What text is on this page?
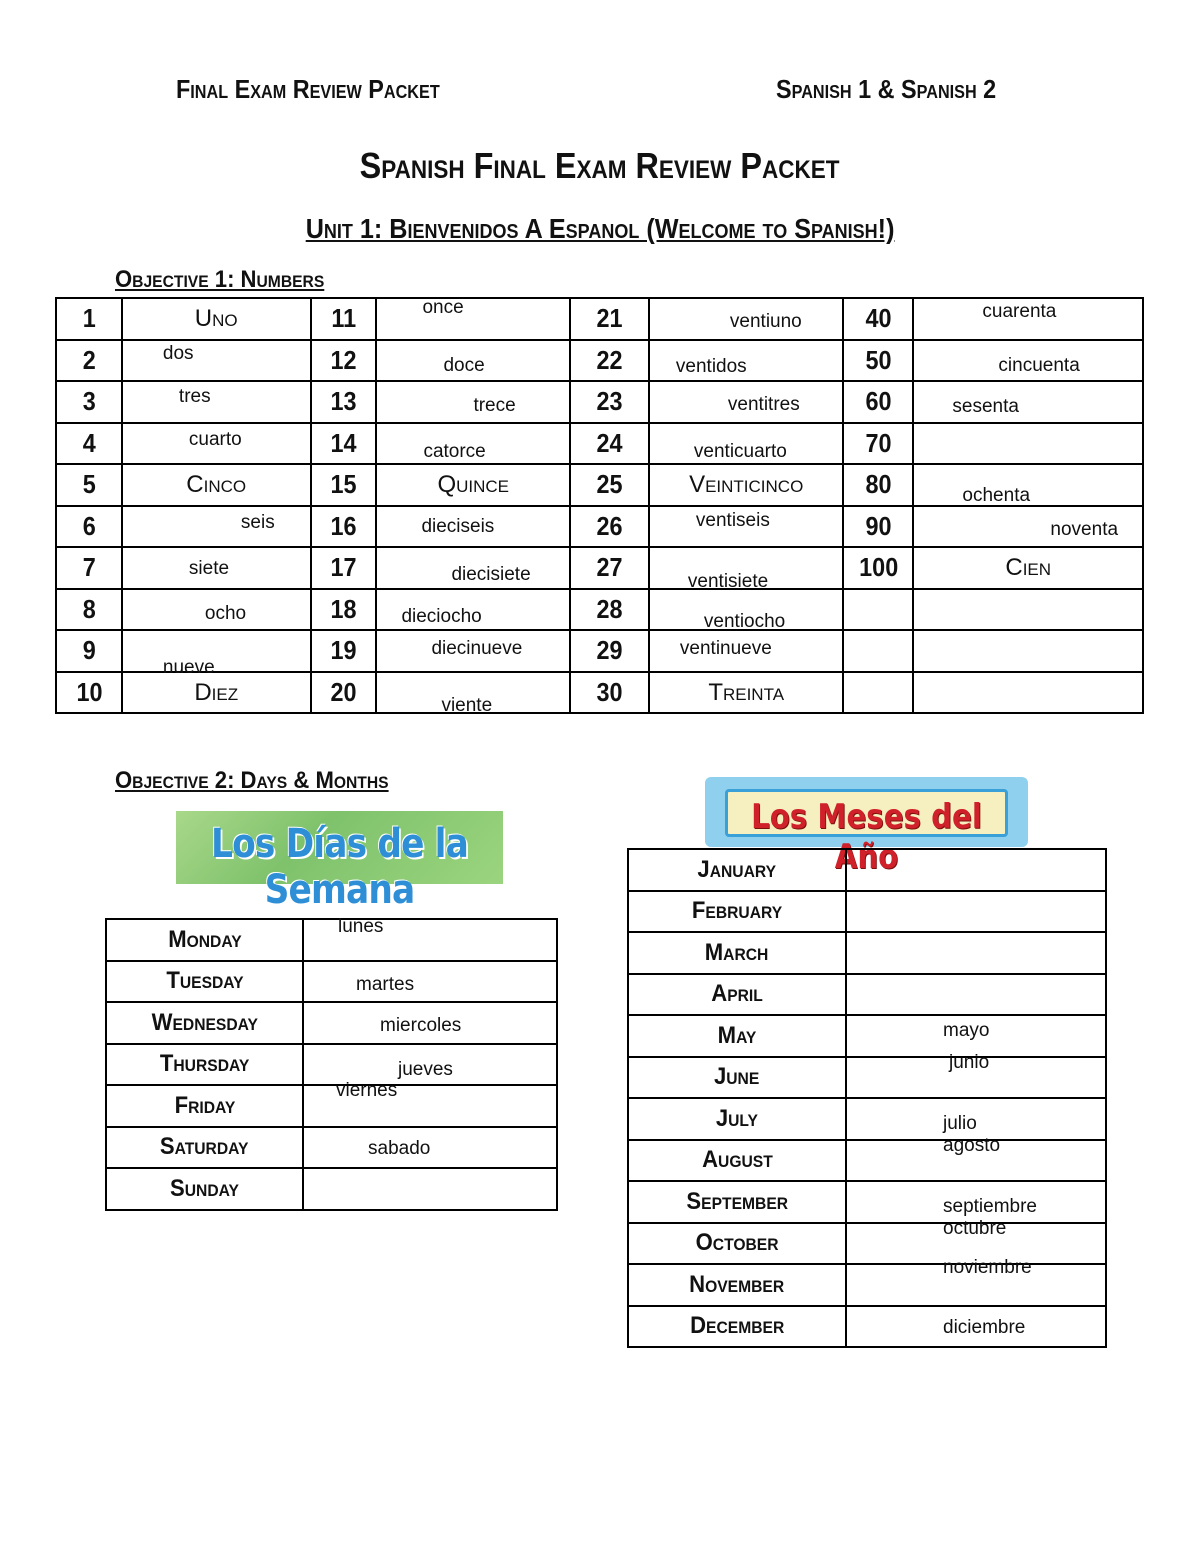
Final Exam Review Packet	Spanish 1 & Spanish 2
Spanish Final Exam Review Packet
Unit 1: Bienvenidos A Espanol (Welcome to Spanish!)
Objective 1: Numbers
1	Uno	11	once	21	ventiuno	40	cuarenta

2	dos	12	doce	22	ventidos	50	cincuenta

3	tres	13	trece	23	ventitres	60	sesenta

4	cuarto	14	catorce	24	venticuarto	70	

5	Cinco	15	Quince	25	Veinticinco	80	ochenta

6	seis	16	dieciseis	26	ventiseis	90	noventa

7	siete	17	diecisiete	27	ventisiete	100	Cien

8	ocho	18	dieciocho	28	ventiocho		

9	nueve	19	diecinueve	29	ventinueve		

10	Diez	20	viente	30	Treinta		

Objective 2: Days & Months
Los Días de la Semana
Los Meses del Año
Monday	lunes

Tuesday	martes

Wednesday	miercoles

Thursday	jueves

Friday	viernes

Saturday	sabado

Sunday	
January	

February	

March	

April	

May	mayo

June	junio

July	julio

August	agosto

September	septiembre

October	octubre

November	noviembre

December	diciembre
